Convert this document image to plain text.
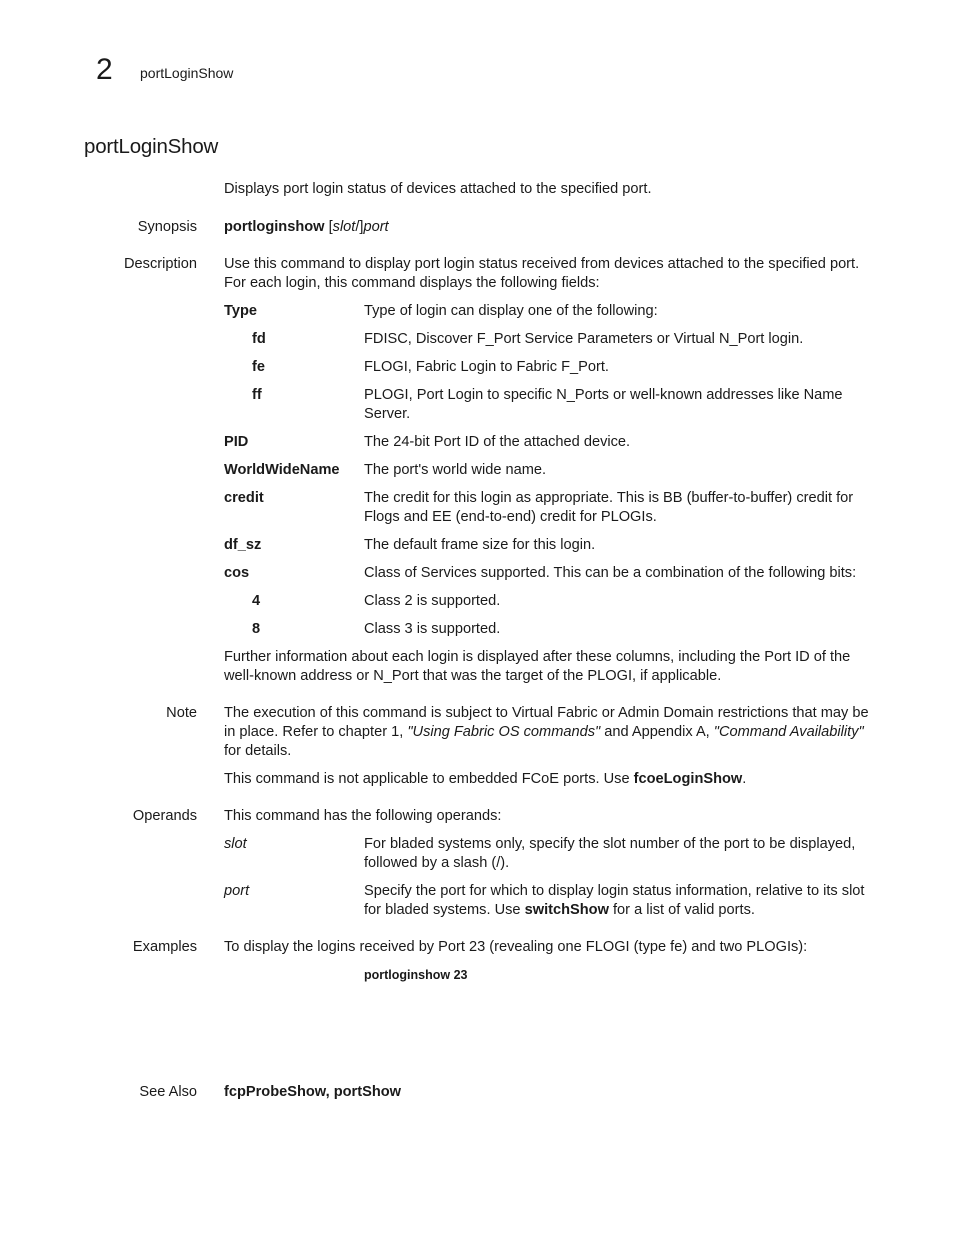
2 portLoginShow
portLoginShow
Displays port login status of devices attached to the specified port.
Synopsis portloginshow [slot/]port
Description Use this command to display port login status received from devices attached to the specified port. For each login, this command displays the following fields:
Type	Type of login can display one of the following:
fd	FDISC, Discover F_Port Service Parameters or Virtual N_Port login.
fe	FLOGI, Fabric Login to Fabric F_Port.
ff	PLOGI, Port Login to specific N_Ports or well-known addresses like Name Server.
PID	The 24-bit Port ID of the attached device.
WorldWideName The port's world wide name.
credit	The credit for this login as appropriate. This is BB (buffer-to-buffer) credit for Flogs and EE (end-to-end) credit for PLOGIs.
df_sz	The default frame size for this login.
cos	Class of Services supported. This can be a combination of the following bits:
4	Class 2 is supported.
8	Class 3 is supported.
Further information about each login is displayed after these columns, including the Port ID of the well-known address or N_Port that was the target of the PLOGI, if applicable.
Note The execution of this command is subject to Virtual Fabric or Admin Domain restrictions that may be in place. Refer to chapter 1, "Using Fabric OS commands" and Appendix A, "Command Availability" for details.
This command is not applicable to embedded FCoE ports. Use fcoeLoginShow.
Operands This command has the following operands:
slot	For bladed systems only, specify the slot number of the port to be displayed, followed by a slash (/).
port	Specify the port for which to display login status information, relative to its slot for bladed systems. Use switchShow for a list of valid ports.
Examples To display the logins received by Port 23 (revealing one FLOGI (type fe) and two PLOGIs):
portloginshow 23
See Also fcpProbeShow, portShow
